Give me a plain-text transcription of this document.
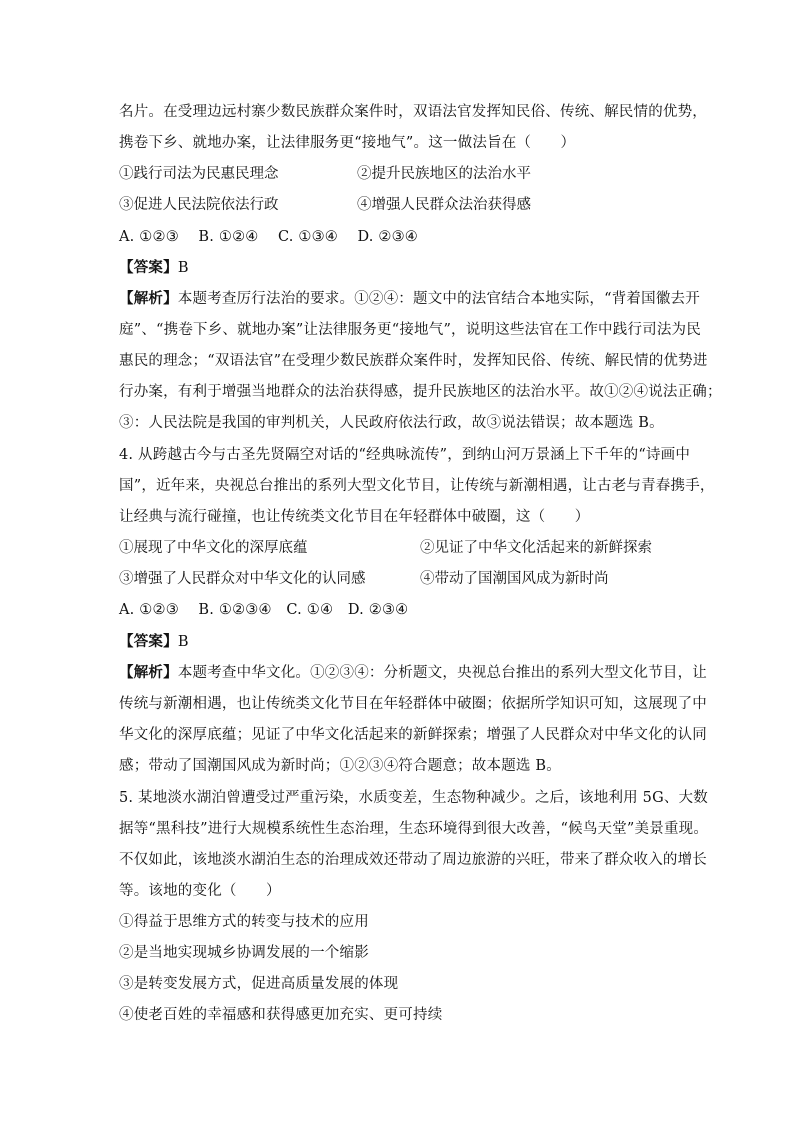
名片。在受理边远村寨少数民族群众案件时，双语法官发挥知民俗、传统、解民情的优势，
携卷下乡、就地办案，让法律服务更“接地气”。这一做法旨在（　　）
①践行司法为民惠民理念	②提升民族地区的法治水平
③促进人民法院依法行政	④增强人民群众法治获得感
A. ①②③　 B. ①②④　 C. ①③④　 D. ②③④
【答案】B
【解析】本题考查厉行法治的要求。①②④：题文中的法官结合本地实际，“背着国徽去开
庭”、“携卷下乡、就地办案”让法律服务更“接地气”，说明这些法官在工作中践行司法为民
惠民的理念；“双语法官”在受理少数民族群众案件时，发挥知民俗、传统、解民情的优势进
行办案，有利于增强当地群众的法治获得感，提升民族地区的法治水平。故①②④说法正确；
③：人民法院是我国的审判机关，人民政府依法行政，故③说法错误；故本题选 B。
4. 从跨越古今与古圣先贤隔空对话的“经典咏流传”，到纳山河万景涵上下千年的“诗画中
国”，近年来，央视总台推出的系列大型文化节目，让传统与新潮相遇，让古老与青春携手，
让经典与流行碰撞，也让传统类文化节目在年轻群体中破圈，这（　　）
①展现了中华文化的深厚底蕴	②见证了中华文化活起来的新鲜探索
③增强了人民群众对中华文化的认同感	④带动了国潮国风成为新时尚
A. ①②③　 B. ①②③④　C. ①④　D. ②③④
【答案】B
【解析】本题考查中华文化。①②③④：分析题文，央视总台推出的系列大型文化节目，让
传统与新潮相遇，也让传统类文化节目在年轻群体中破圈；依据所学知识可知，这展现了中
华文化的深厚底蕴；见证了中华文化活起来的新鲜探索；增强了人民群众对中华文化的认同
感；带动了国潮国风成为新时尚；①②③④符合题意；故本题选 B。
5. 某地淡水湖泊曾遭受过严重污染，水质变差，生态物种减少。之后，该地利用 5G、大数
据等“黑科技”进行大规模系统性生态治理，生态环境得到很大改善，“候鸟天堂”美景重现。
不仅如此，该地淡水湖泊生态的治理成效还带动了周边旅游的兴旺，带来了群众收入的增长
等。该地的变化（　　）
①得益于思维方式的转变与技术的应用
②是当地实现城乡协调发展的一个缩影
③是转变发展方式，促进高质量发展的体现
④使老百姓的幸福感和获得感更加充实、更可持续
